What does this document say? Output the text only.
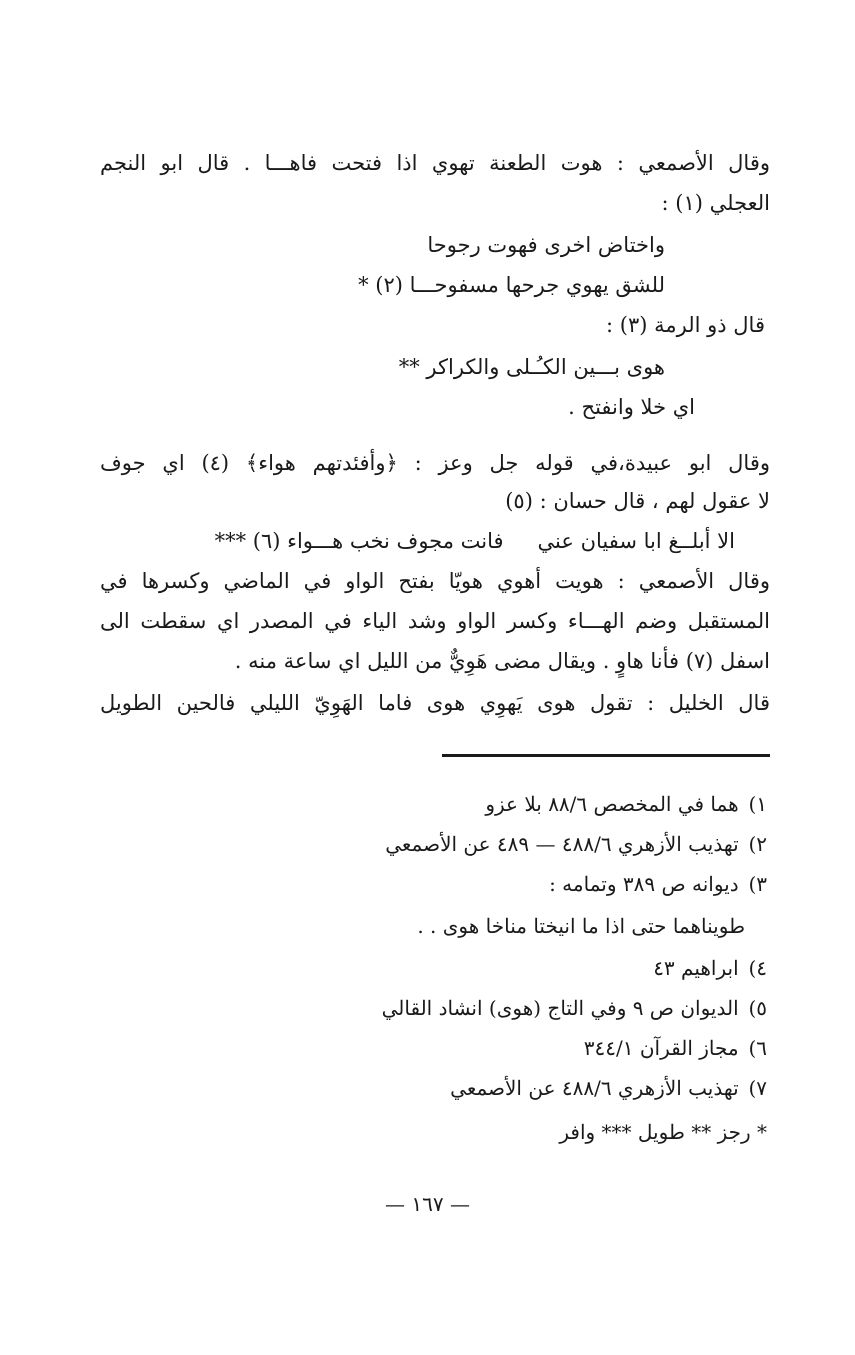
وقال الأصمعي : هوت الطعنة تهوي اذا فتحت فاهـــا . قال ابو النجم
العجلي (١) :
واختاض اخرى فهوت رجوحا
للشق يهوي جرحها مسفوحـــا (٢) *
قال ذو الرمة (٣) :
هوى بـــين الكـُـلى والكراكر **
اي خلا وانفتح .
وقال ابو عبيدة،في قوله جل وعز : ﴿وأفئدتهم هواء﴾ (٤) اي جوف
لا عقول لهم ، قال حسان : (٥)
الا أبلــغ ابا سفيان عنيفانت مجوف نخب هـــواء (٦) ***
وقال الأصمعي : هويت أهوي هويّا بفتح الواو في الماضي وكسرها في
المستقبل وضم الهـــاء وكسر الواو وشد الياء في المصدر اي سقطت الى
اسفل (٧) فأنا هاوٍ . ويقال مضى هَوِيٌّ من الليل اي ساعة منه .
قال الخليل : تقول هوى يَهوِي هوى فاما الهَوِيّ الليلي فالحين الطويل
١) هما في المخصص ٨٨/٦ بلا عزو
٢) تهذيب الأزهري ٤٨٨/٦ — ٤٨٩ عن الأصمعي
٣) ديوانه ص ٣٨٩ وتمامه :
طويناهما حتى اذا ما انيختا مناخا هوى . .
٤) ابراهيم ٤٣
٥) الديوان ص ٩ وفي التاج (هوى) انشاد القالي
٦) مجاز القرآن ٣٤٤/١
٧) تهذيب الأزهري ٤٨٨/٦ عن الأصمعي
* رجز ** طويل *** وافر
— ١٦٧ —
